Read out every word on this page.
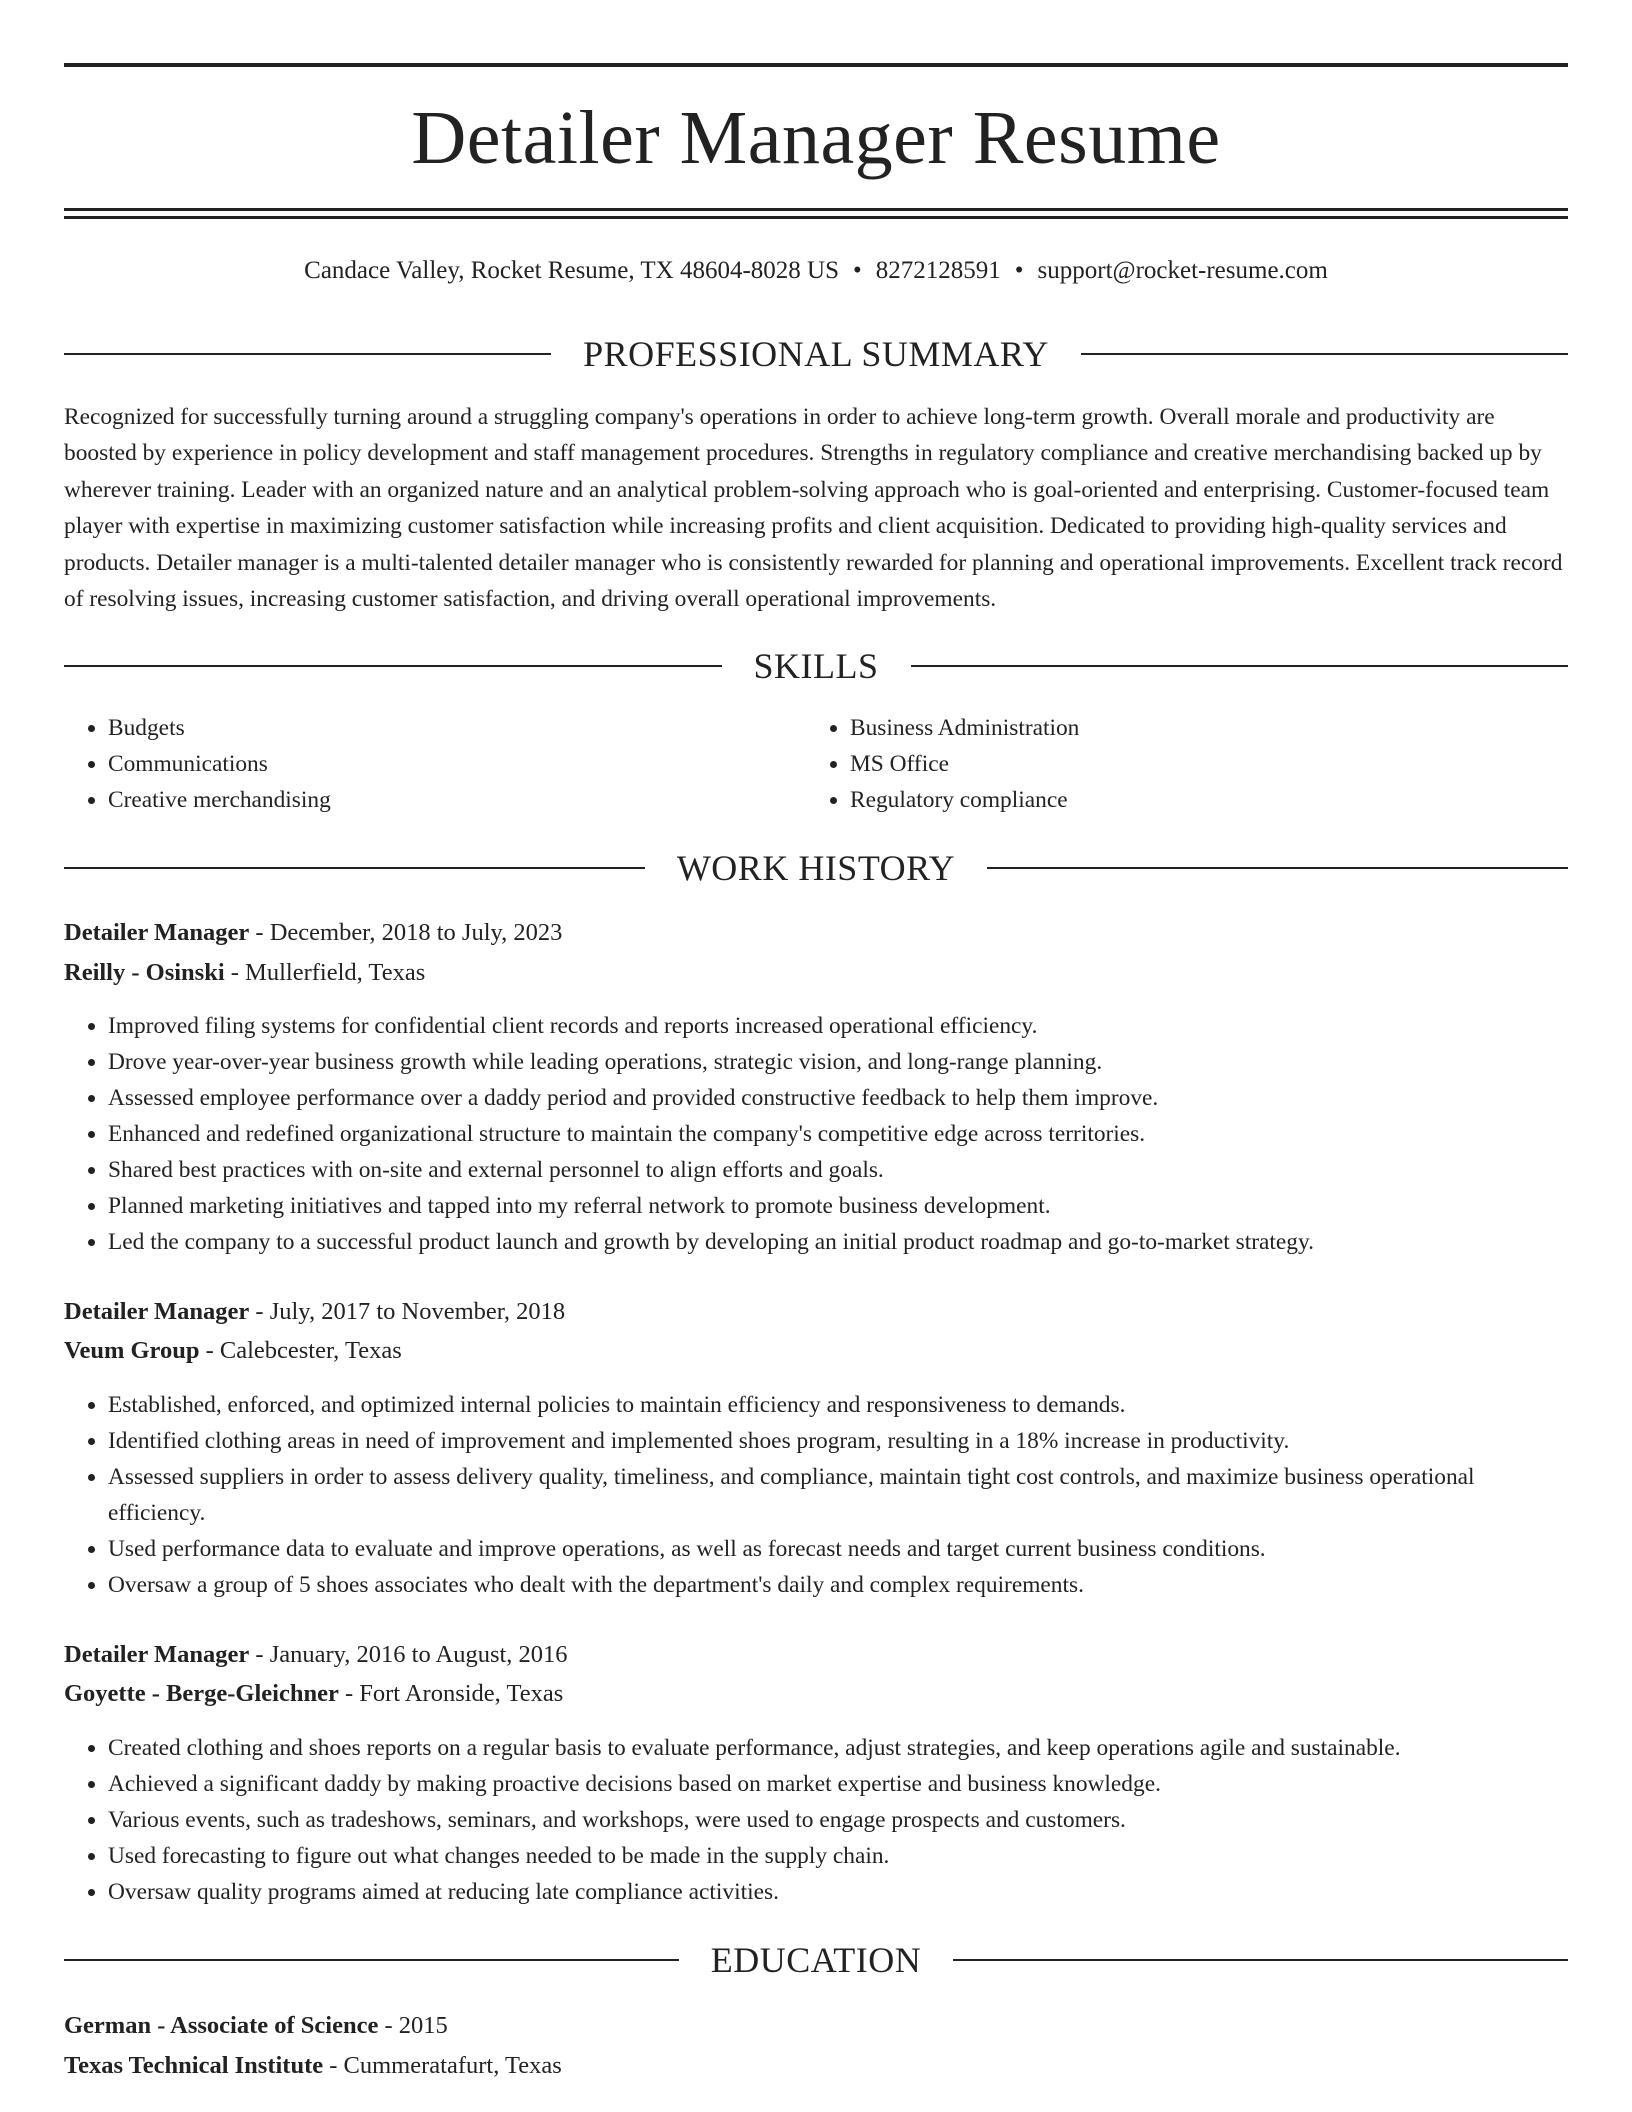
Detailer Manager Resume
Candace Valley, Rocket Resume, TX 48604-8028 US • 8272128591 • support@rocket-resume.com
PROFESSIONAL SUMMARY
Recognized for successfully turning around a struggling company's operations in order to achieve long-term growth. Overall morale and productivity are boosted by experience in policy development and staff management procedures. Strengths in regulatory compliance and creative merchandising backed up by wherever training. Leader with an organized nature and an analytical problem-solving approach who is goal-oriented and enterprising. Customer-focused team player with expertise in maximizing customer satisfaction while increasing profits and client acquisition. Dedicated to providing high-quality services and products. Detailer manager is a multi-talented detailer manager who is consistently rewarded for planning and operational improvements. Excellent track record of resolving issues, increasing customer satisfaction, and driving overall operational improvements.
SKILLS
• Budgets
• Communications
• Creative merchandising
• Business Administration
• MS Office
• Regulatory compliance
WORK HISTORY
Detailer Manager - December, 2018 to July, 2023
Reilly - Osinski - Mullerfield, Texas
• Improved filing systems for confidential client records and reports increased operational efficiency.
• Drove year-over-year business growth while leading operations, strategic vision, and long-range planning.
• Assessed employee performance over a daddy period and provided constructive feedback to help them improve.
• Enhanced and redefined organizational structure to maintain the company's competitive edge across territories.
• Shared best practices with on-site and external personnel to align efforts and goals.
• Planned marketing initiatives and tapped into my referral network to promote business development.
• Led the company to a successful product launch and growth by developing an initial product roadmap and go-to-market strategy.
Detailer Manager - July, 2017 to November, 2018
Veum Group - Calebcester, Texas
• Established, enforced, and optimized internal policies to maintain efficiency and responsiveness to demands.
• Identified clothing areas in need of improvement and implemented shoes program, resulting in a 18% increase in productivity.
• Assessed suppliers in order to assess delivery quality, timeliness, and compliance, maintain tight cost controls, and maximize business operational efficiency.
• Used performance data to evaluate and improve operations, as well as forecast needs and target current business conditions.
• Oversaw a group of 5 shoes associates who dealt with the department's daily and complex requirements.
Detailer Manager - January, 2016 to August, 2016
Goyette - Berge-Gleichner - Fort Aronside, Texas
• Created clothing and shoes reports on a regular basis to evaluate performance, adjust strategies, and keep operations agile and sustainable.
• Achieved a significant daddy by making proactive decisions based on market expertise and business knowledge.
• Various events, such as tradeshows, seminars, and workshops, were used to engage prospects and customers.
• Used forecasting to figure out what changes needed to be made in the supply chain.
• Oversaw quality programs aimed at reducing late compliance activities.
EDUCATION
German - Associate of Science - 2015
Texas Technical Institute - Cummeratafurt, Texas
